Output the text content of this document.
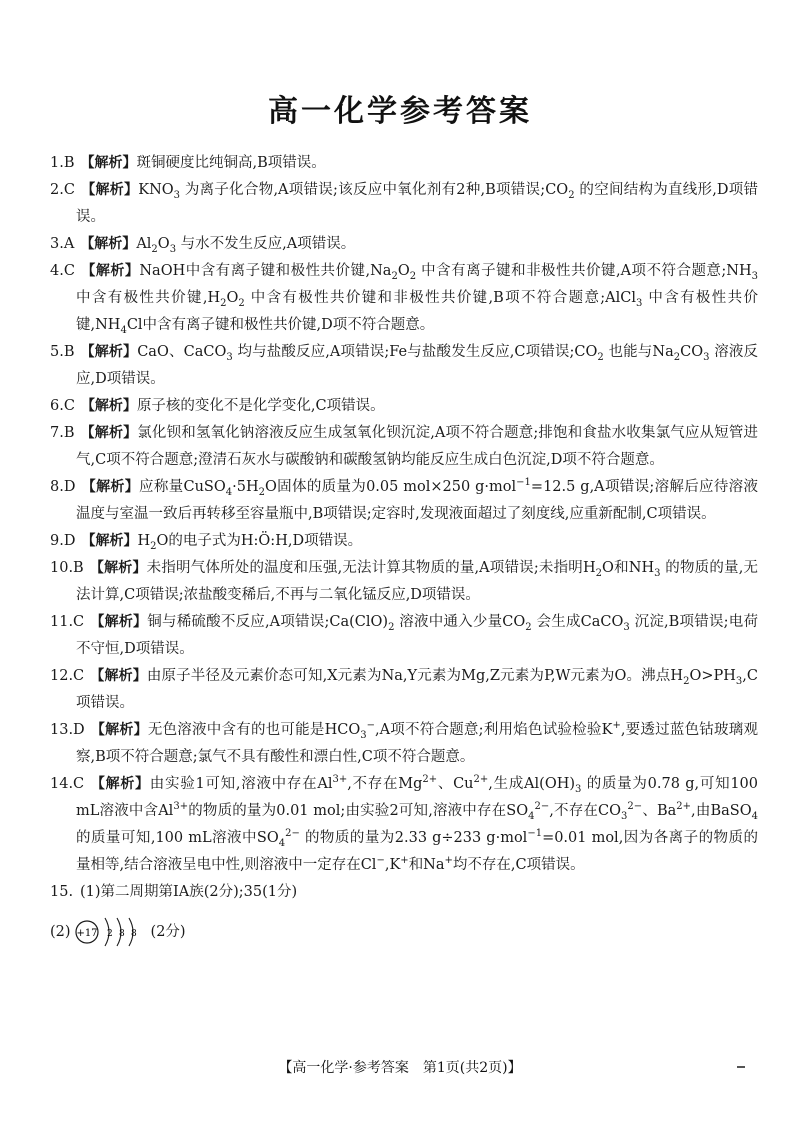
高一化学参考答案

1.B 【解析】斑铜硬度比纯铜高,B项错误。

2.C 【解析】$KNO_3$ 为离子化合物,A项错误;该反应中氧化剂有2种,B项错误$;CO_2$ 的空间结构为直线形,D项错误。

3.A 【解析】$Al_2O_3$ 与水不发生反应,A项错误。

4.C 【解析】NaOH中含有离子键和极性共价键$,Na_2O_2$ 中含有离子键和非极性共价键,A项不符合题意$;NH_3$ 中含有极性共价键$,H_2O_2$ 中含有极性共价键和非极性共价键,B项不符合题意;AlCl$_3$ 中含有极性共价键$,NH_4Cl$中含有离子键和极性共价键,D项不符合题意。

5.B 【解析】CaO、CaCO$_3$ 均与盐酸反应,A项错误;Fe与盐酸发生反应,C项错误$;CO_2$ 也能与$Na_2CO_3$ 溶液反应,D项错误。

6.C 【解析】原子核的变化不是化学变化,C项错误。

7.B 【解析】氯化钡和氢氧化钠溶液反应生成氢氧化钡沉淀,A项不符合题意;排饱和食盐水收集氯气应从短管进气,C项不符合题意;澄清石灰水与碳酸钠和碳酸氢钠均能反应生成白色沉淀,D项不符合题意。

8.D 【解析】应称量$CuSO_4\cdot 5H_2O$固体的质量为0.05 mol×250 g·mol$^{-1}$=12.5 g,A项错误;溶解后应待溶液温度与室温一致后再转移至容量瓶中,B项错误;定容时,发现液面超过了刻度线,应重新配制,C项错误。

9.D 【解析】$H_2O$的电子式为H:Ö:H,D项错误。

10.B 【解析】未指明气体所处的温度和压强,无法计算其物质的量,A项错误;未指明$H_2O$和$NH_3$ 的物质的量,无法计算,C项错误;浓盐酸变稀后,不再与二氧化锰反应,D项错误。

11.C 【解析】铜与稀硫酸不反应,A项错误$;Ca(ClO)_2$ 溶液中通入少量$CO_2$ 会生成CaCO$_3$ 沉淀,B项错误;电荷不守恒,D项错误。

12.C 【解析】由原子半径及元素价态可知,X元素为Na,Y元素为Mg,Z元素为P,W元素为O。沸点$H_2O>PH_3,C$项错误。

13.D 【解析】无色溶液中含有的也可能是$HCO_3^-,A$项不符合题意;利用焰色试验检验K+,要透过蓝色钴玻璃观察,B项不符合题意;氯气不具有酸性和漂白性,C项不符合题意。

14.C 【解析】由实验1可知,溶液中存在$Al^{3+}$,不存在$Mg^{2+}$、$Cu^{2+}$,生成$Al(OH)_3$ 的质量为0.78 g,可知100 mL溶液中含$Al^{3+}$的物质的量为0.01 mol;由实验2可知,溶液中存在$SO_4^{2-}$,不存在$CO_3^{2-}$、$Ba^{2+}$,由BaSO$_4$ 的质量可知,100 mL溶液中$SO_4^{2-}$ 的物质的量为2.33 g÷233 g·mol$^{-1}$=0.01 mol,因为各离子的物质的量相等,结合溶液呈电中性,则溶液中一定存在Cl−,K+和Na+均不存在,C项错误。

15. (1)第二周期第ⅠA族(2分);35(1分)

(2) +17 2 8 8 (2分)
【高一化学·参考答案　第1页(共2页)】
